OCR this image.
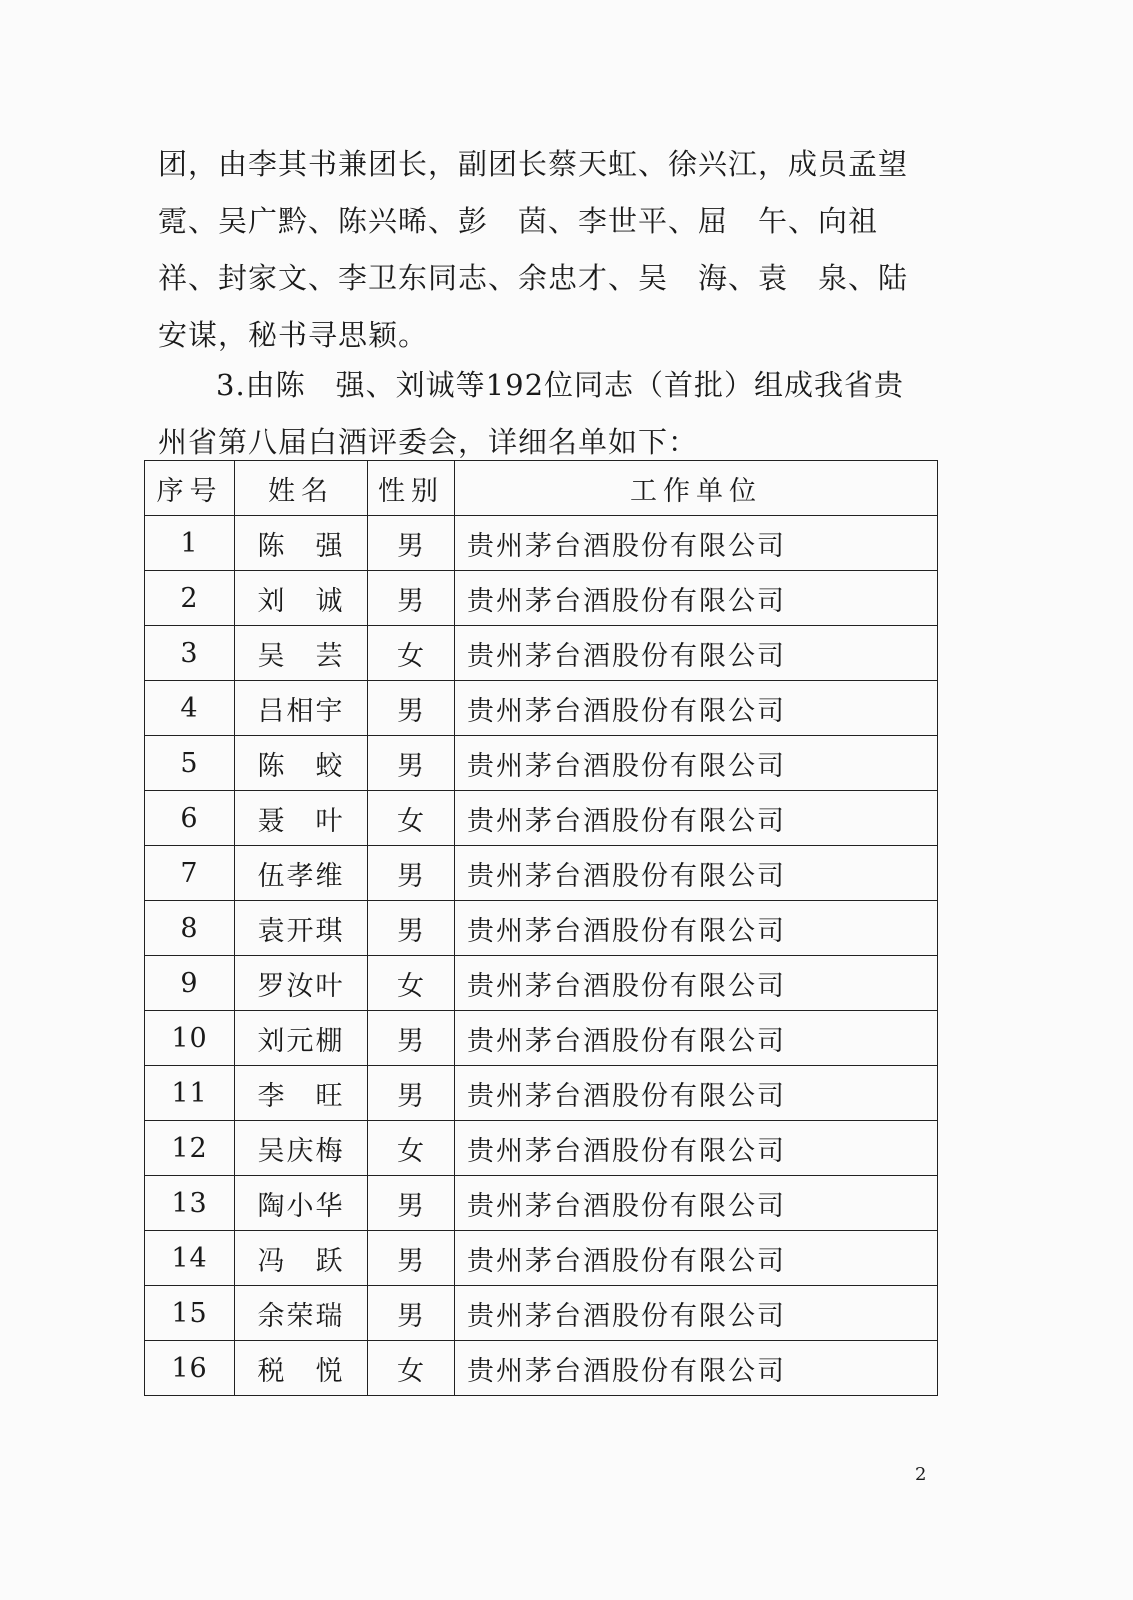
团，由李其书兼团长，副团长蔡天虹、徐兴江，成员孟望霓、吴广黔、陈兴晞、彭　茵、李世平、屈　午、向祖祥、封家文、李卫东同志、余忠才、吴　海、袁　泉、陆安谋，秘书寻思颖。
3.由陈　强、刘诚等192位同志（首批）组成我省贵州省第八届白酒评委会，详细名单如下：
序号	姓名	性别	工作单位
1	陈　强	男	贵州茅台酒股份有限公司
2	刘　诚	男	贵州茅台酒股份有限公司
3	吴　芸	女	贵州茅台酒股份有限公司
4	吕相宇	男	贵州茅台酒股份有限公司
5	陈　蛟	男	贵州茅台酒股份有限公司
6	聂　叶	女	贵州茅台酒股份有限公司
7	伍孝维	男	贵州茅台酒股份有限公司
8	袁开琪	男	贵州茅台酒股份有限公司
9	罗汝叶	女	贵州茅台酒股份有限公司
10	刘元棚	男	贵州茅台酒股份有限公司
11	李　旺	男	贵州茅台酒股份有限公司
12	吴庆梅	女	贵州茅台酒股份有限公司
13	陶小华	男	贵州茅台酒股份有限公司
14	冯　跃	男	贵州茅台酒股份有限公司
15	余荣瑞	男	贵州茅台酒股份有限公司
16	税　悦	女	贵州茅台酒股份有限公司
2
